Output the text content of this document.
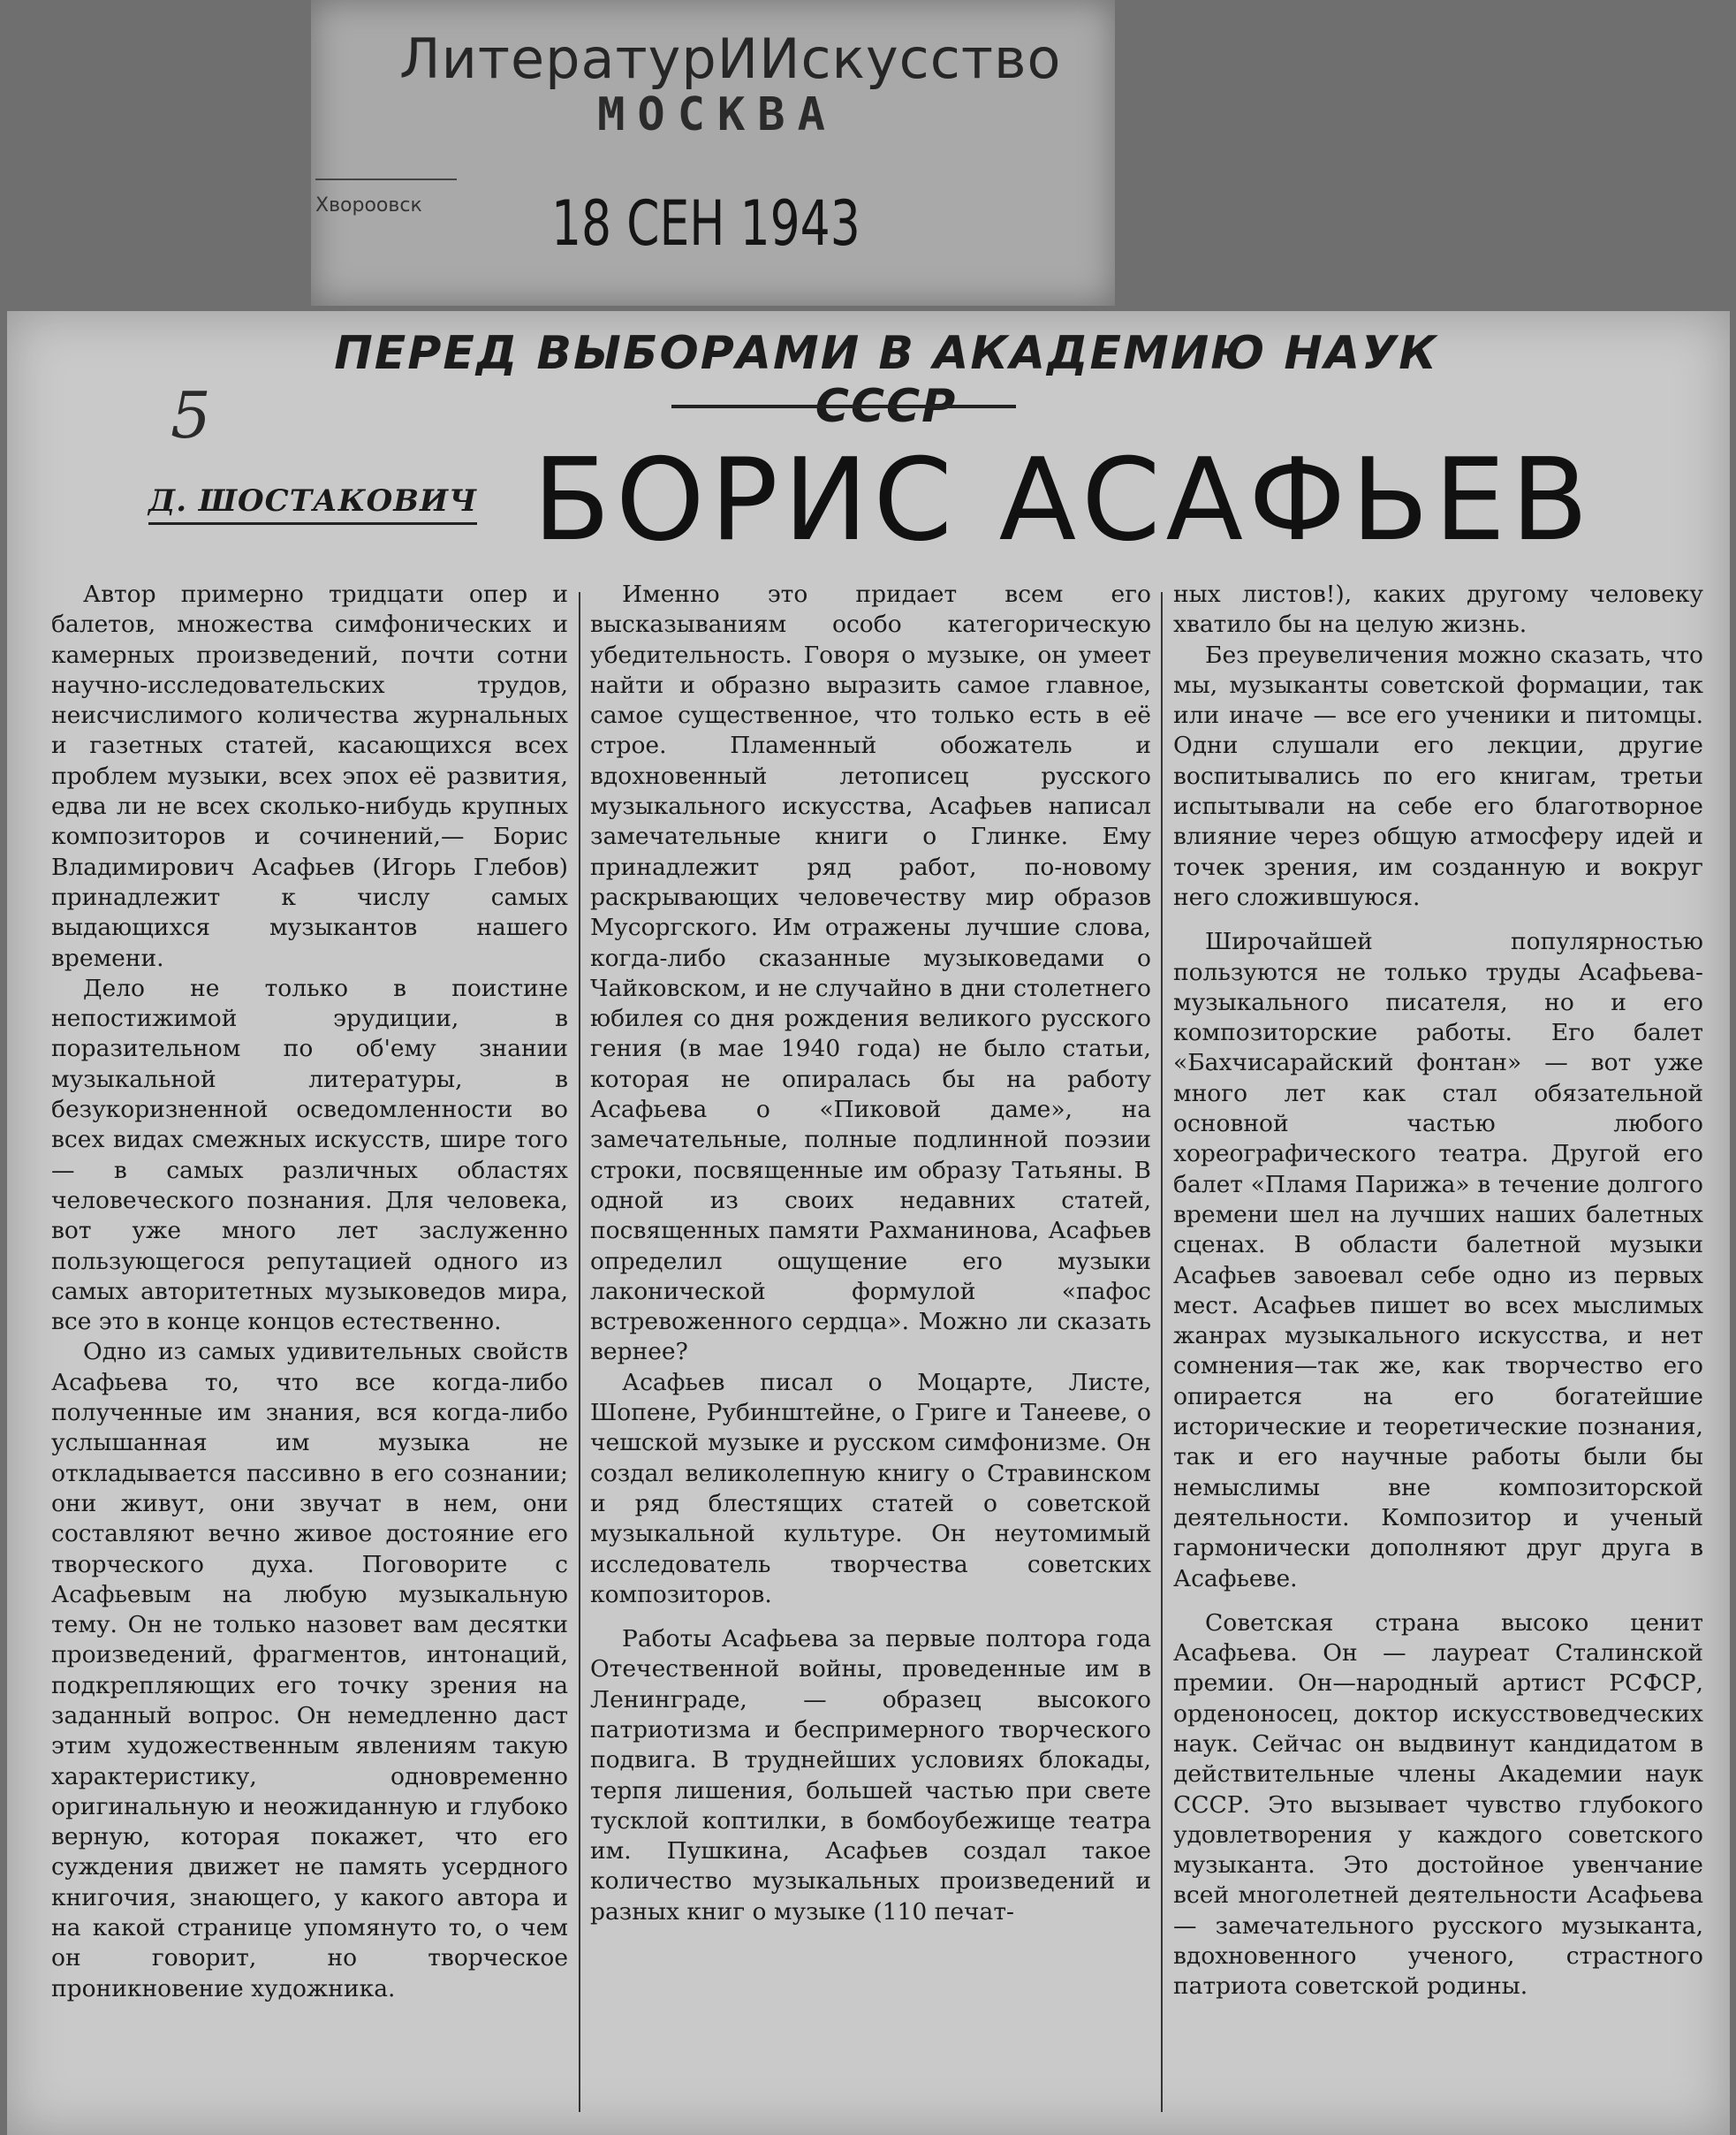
ЛитературИИскусство
МОСКВА
Хвороовск 18 СЕН 1943
ПЕРЕД ВЫБОРАМИ В АКАДЕМИЮ НАУК СССР
5
Д. ШОСТАКОВИЧ БОРИС АСАФЬЕВ

Автор примерно тридцати опер и балетов, множества симфонических и камерных произведений, почти сотни научно-исследовательских трудов, неисчислимого количества журнальных и газетных статей, касающихся всех проблем музыки, всех эпох её развития, едва ли не всех сколько-нибудь крупных композиторов и сочинений,— Борис Владимирович Асафьев (Игорь Глебов) принадлежит к числу самых выдающихся музыкантов нашего времени.

Дело не только в поистине непостижимой эрудиции, в поразительном по об'ему знании музыкальной литературы, в безукоризненной осведомленности во всех видах смежных искусств, шире того — в самых различных областях человеческого познания. Для человека, вот уже много лет заслуженно пользующегося репутацией одного из самых авторитетных музыковедов мира, все это в конце концов естественно.

Одно из самых удивительных свойств Асафьева то, что все когда-либо полученные им знания, вся когда-либо услышанная им музыка не откладывается пассивно в его сознании; они живут, они звучат в нем, они составляют вечно живое достояние его творческого духа. Поговорите с Асафьевым на любую музыкальную тему. Он не только назовет вам десятки произведений, фрагментов, интонаций, подкрепляющих его точку зрения на заданный вопрос. Он немедленно даст этим художественным явлениям такую характеристику, одновременно оригинальную и неожиданную и глубоко верную, которая покажет, что его суждения движет не память усердного книгочия, знающего, у какого автора и на какой странице упомянуто то, о чем он говорит, но творческое проникновение художника.

Именно это придает всем его высказываниям особо категорическую убедительность. Говоря о музыке, он умеет найти и образно выразить самое главное, самое существенное, что только есть в её строе. Пламенный обожатель и вдохновенный летописец русского музыкального искусства, Асафьев написал замечательные книги о Глинке. Ему принадлежит ряд работ, по-новому раскрывающих человечеству мир образов Мусоргского. Им отражены лучшие слова, когда-либо сказанные музыковедами о Чайковском, и не случайно в дни столетнего юбилея со дня рождения великого русского гения (в мае 1940 года) не было статьи, которая не опиралась бы на работу Асафьева о «Пиковой даме», на замечательные, полные подлинной поэзии строки, посвященные им образу Татьяны. В одной из своих недавних статей, посвященных памяти Рахманинова, Асафьев определил ощущение его музыки лаконической формулой «пафос встревоженного сердца». Можно ли сказать вернее?

Асафьев писал о Моцарте, Листе, Шопене, Рубинштейне, о Григе и Танееве, о чешской музыке и русском симфонизме. Он создал великолепную книгу о Стравинском и ряд блестящих статей о советской музыкальной культуре. Он неутомимый исследователь творчества советских композиторов.

Работы Асафьева за первые полтора года Отечественной войны, проведенные им в Ленинграде, — образец высокого патриотизма и беспримерного творческого подвига. В труднейших условиях блокады, терпя лишения, большей частью при свете тусклой коптилки, в бомбоубежище театра им. Пушкина, Асафьев создал такое количество музыкальных произведений и разных книг о музыке (110 печат-

ных листов!), каких другому человеку хватило бы на целую жизнь.

Без преувеличения можно сказать, что мы, музыканты советской формации, так или иначе — все его ученики и питомцы. Одни слушали его лекции, другие воспитывались по его книгам, третьи испытывали на себе его благотворное влияние через общую атмосферу идей и точек зрения, им созданную и вокруг него сложившуюся.

Широчайшей популярностью пользуются не только труды Асафьева-музыкального писателя, но и его композиторские работы. Его балет «Бахчисарайский фонтан» — вот уже много лет как стал обязательной основной частью любого хореографического театра. Другой его балет «Пламя Парижа» в течение долгого времени шел на лучших наших балетных сценах. В области балетной музыки Асафьев завоевал себе одно из первых мест. Асафьев пишет во всех мыслимых жанрах музыкального искусства, и нет сомнения—так же, как творчество его опирается на его богатейшие исторические и теоретические познания, так и его научные работы были бы немыслимы вне композиторской деятельности. Композитор и ученый гармонически дополняют друг друга в Асафьеве.

Советская страна высоко ценит Асафьева. Он — лауреат Сталинской премии. Он—народный артист РСФСР, орденоносец, доктор искусствоведческих наук. Сейчас он выдвинут кандидатом в действительные члены Академии наук СССР. Это вызывает чувство глубокого удовлетворения у каждого советского музыканта. Это достойное увенчание всей многолетней деятельности Асафьева — замечательного русского музыканта, вдохновенного ученого, страстного патриота советской родины.
